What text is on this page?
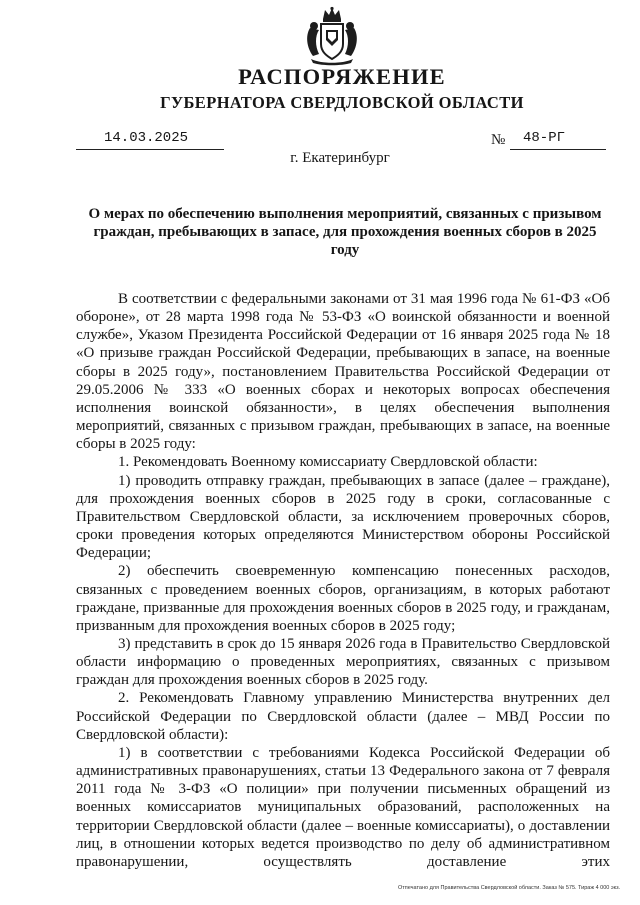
РАСПОРЯЖЕНИЕ
ГУБЕРНАТОРА СВЕРДЛОВСКОЙ ОБЛАСТИ
14.03.2025	№ 48-РГ
г. Екатеринбург
О мерах по обеспечению выполнения мероприятий, связанных с призывом граждан, пребывающих в запасе, для прохождения военных сборов в 2025 году

В соответствии с федеральными законами от 31 мая 1996 года № 61-ФЗ «Об обороне», от 28 марта 1998 года № 53-ФЗ «О воинской обязанности и военной службе», Указом Президента Российской Федерации от 16 января 2025 года № 18 «О призыве граждан Российской Федерации, пребывающих в запасе, на военные сборы в 2025 году», постановлением Правительства Российской Федерации от 29.05.2006 № 333 «О военных сборах и некоторых вопросах обеспечения исполнения воинской обязанности», в целях обеспечения выполнения мероприятий, связанных с призывом граждан, пребывающих в запасе, на военные сборы в 2025 году:

1. Рекомендовать Военному комиссариату Свердловской области:

1) проводить отправку граждан, пребывающих в запасе (далее – граждане), для прохождения военных сборов в 2025 году в сроки, согласованные с Правительством Свердловской области, за исключением проверочных сборов, сроки проведения которых определяются Министерством обороны Российской Федерации;

2) обеспечить своевременную компенсацию понесенных расходов, связанных с проведением военных сборов, организациям, в которых работают граждане, призванные для прохождения военных сборов в 2025 году, и гражданам, призванным для прохождения военных сборов в 2025 году;

3) представить в срок до 15 января 2026 года в Правительство Свердловской области информацию о проведенных мероприятиях, связанных с призывом граждан для прохождения военных сборов в 2025 году.

2. Рекомендовать Главному управлению Министерства внутренних дел Российской Федерации по Свердловской области (далее – МВД России по Свердловской области):

1) в соответствии с требованиями Кодекса Российской Федерации об административных правонарушениях, статьи 13 Федерального закона от 7 февраля 2011 года № 3-ФЗ «О полиции» при получении письменных обращений из военных комиссариатов муниципальных образований, расположенных на территории Свердловской области (далее – военные комиссариаты), о доставлении лиц, в отношении которых ведется производство по делу об административном правонарушении, осуществлять доставление этих

Отпечатано для Правительства Свердловской области. Заказ № 575. Тираж 4 000 экз.
